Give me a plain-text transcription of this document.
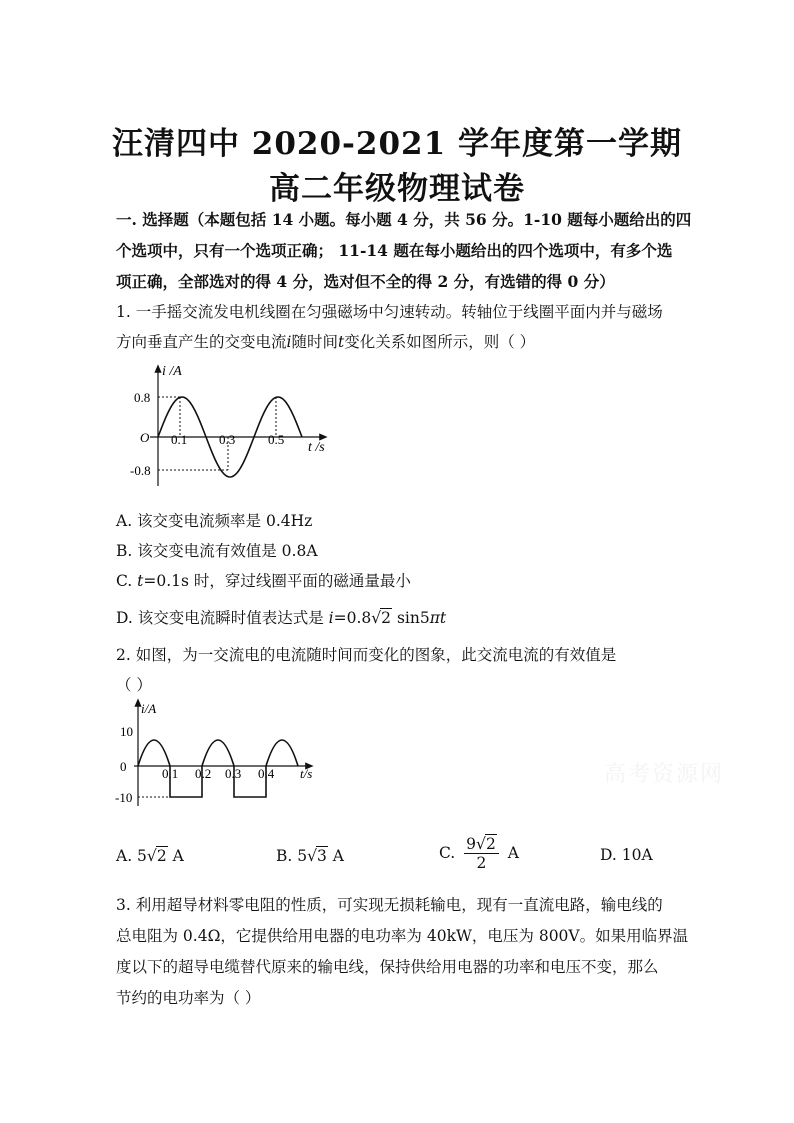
汪清四中 2020-2021 学年度第一学期
高二年级物理试卷
一. 选择题（本题包括 14 小题。每小题 4 分，共 56 分。1-10 题每小题给出的四
个选项中，只有一个选项正确； 11-14 题在每小题给出的四个选项中，有多个选
项正确，全部选对的得 4 分，选对但不全的得 2 分，有选错的得 0 分）
1. 一手摇交流发电机线圈在匀强磁场中匀速转动。转轴位于线圈平面内并与磁场
方向垂直产生的交变电流i随时间t变化关系如图所示，则（ ）
i /A
0.8
O
-0.8
0.1 0.3	0.5
t /s
A. 该交变电流频率是 0.4Hz
B. 该交变电流有效值是 0.8A
C. t=0.1s 时，穿过线圈平面的磁通量最小
D. 该交变电流瞬时值表达式是 i=0.8√2 sin5πt
2. 如图，为一交流电的电流随时间而变化的图象，此交流电流的有效值是
（ ）
i/A
10
0
-10
0.1 0.2 0.3 0.4 t/s	高考资源网
A. 5√2 A	B. 5√3 A	C. $\frac{9√2}{2}$ A	D. 10A
3. 利用超导材料零电阻的性质，可实现无损耗输电，现有一直流电路，输电线的
总电阻为 0.4Ω，它提供给用电器的电功率为 40kW，电压为 800V。如果用临界温
度以下的超导电缆替代原来的输电线，保持供给用电器的功率和电压不变，那么
节约的电功率为（ ）
